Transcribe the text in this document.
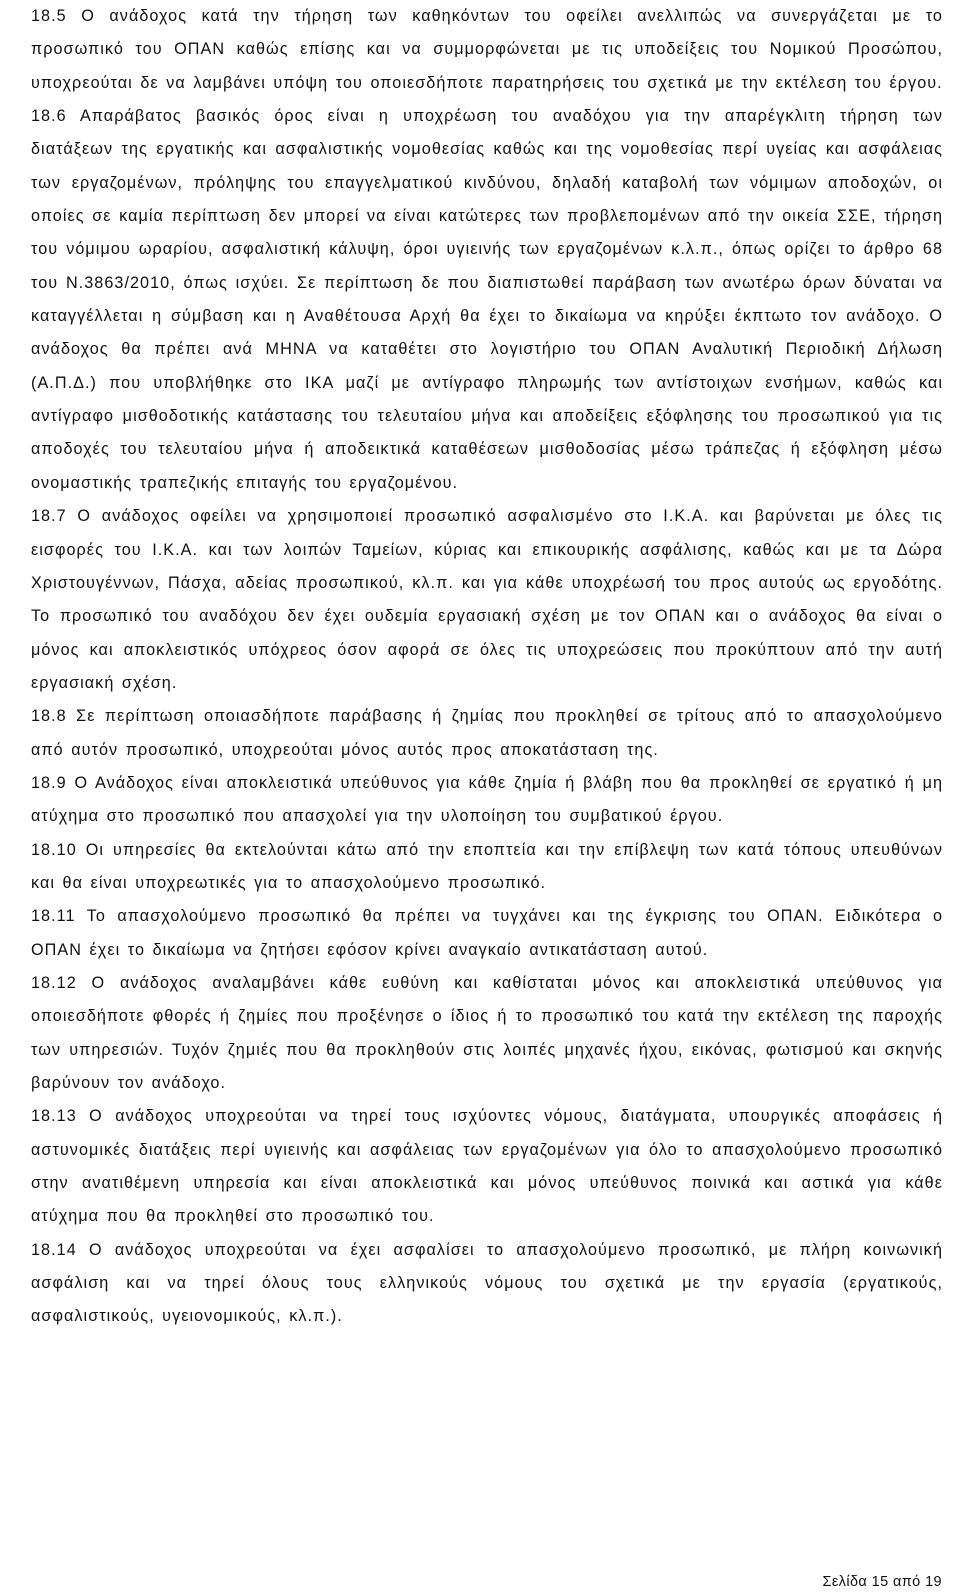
18.5 Ο ανάδοχος κατά την τήρηση των καθηκόντων του οφείλει ανελλιπώς να συνεργάζεται με το προσωπικό του ΟΠΑΝ καθώς επίσης και να συμμορφώνεται με τις υποδείξεις του Νομικού Προσώπου, υποχρεούται δε να λαμβάνει υπόψη του οποιεσδήποτε παρατηρήσεις του σχετικά με την εκτέλεση του έργου.

18.6 Απαράβατος βασικός όρος είναι η υποχρέωση του αναδόχου για την απαρέγκλιτη τήρηση των διατάξεων της εργατικής και ασφαλιστικής νομοθεσίας καθώς και της νομοθεσίας περί υγείας και ασφάλειας των εργαζομένων, πρόληψης του επαγγελματικού κινδύνου, δηλαδή καταβολή των νόμιμων αποδοχών, οι οποίες σε καμία περίπτωση δεν μπορεί να είναι κατώτερες των προβλεπομένων από την οικεία ΣΣΕ, τήρηση του νόμιμου ωραρίου, ασφαλιστική κάλυψη, όροι υγιεινής των εργαζομένων κ.λ.π., όπως ορίζει το άρθρο 68 του Ν.3863/2010, όπως ισχύει. Σε περίπτωση δε που διαπιστωθεί παράβαση των ανωτέρω όρων δύναται να καταγγέλλεται η σύμβαση και η Αναθέτουσα Αρχή θα έχει το δικαίωμα να κηρύξει έκπτωτο τον ανάδοχο. Ο ανάδοχος θα πρέπει ανά ΜΗΝΑ να καταθέτει στο λογιστήριο του ΟΠΑΝ Αναλυτική Περιοδική Δήλωση (Α.Π.Δ.) που υποβλήθηκε στο ΙΚΑ μαζί με αντίγραφο πληρωμής των αντίστοιχων ενσήμων, καθώς και αντίγραφο μισθοδοτικής κατάστασης του τελευταίου μήνα και αποδείξεις εξόφλησης του προσωπικού για τις αποδοχές του τελευταίου μήνα ή αποδεικτικά καταθέσεων μισθοδοσίας μέσω τράπεζας ή εξόφληση μέσω ονομαστικής τραπεζικής επιταγής του εργαζομένου.

18.7 Ο ανάδοχος οφείλει να χρησιμοποιεί προσωπικό ασφαλισμένο στο Ι.Κ.Α. και βαρύνεται με όλες τις εισφορές του Ι.Κ.Α. και των λοιπών Ταμείων, κύριας και επικουρικής ασφάλισης, καθώς και με τα Δώρα Χριστουγέννων, Πάσχα, αδείας προσωπικού, κλ.π. και για κάθε υποχρέωσή του προς αυτούς ως εργοδότης. Το προσωπικό του αναδόχου δεν έχει ουδεμία εργασιακή σχέση με τον ΟΠΑΝ και ο ανάδοχος θα είναι ο μόνος και αποκλειστικός υπόχρεος όσον αφορά σε όλες τις υποχρεώσεις που προκύπτουν από την αυτή εργασιακή σχέση.

18.8 Σε περίπτωση οποιασδήποτε παράβασης ή ζημίας που προκληθεί σε τρίτους από το απασχολούμενο από αυτόν προσωπικό, υποχρεούται μόνος αυτός προς αποκατάσταση της.

18.9 Ο Ανάδοχος είναι αποκλειστικά υπεύθυνος για κάθε ζημία ή βλάβη που θα προκληθεί σε εργατικό ή μη ατύχημα στο προσωπικό που απασχολεί για την υλοποίηση του συμβατικού έργου.

18.10 Οι υπηρεσίες θα εκτελούνται κάτω από την εποπτεία και την επίβλεψη των κατά τόπους υπευθύνων και θα είναι υποχρεωτικές για το απασχολούμενο προσωπικό.

18.11 Το απασχολούμενο προσωπικό θα πρέπει να τυγχάνει και της έγκρισης του ΟΠΑΝ. Ειδικότερα ο ΟΠΑΝ έχει το δικαίωμα να ζητήσει εφόσον κρίνει αναγκαίο αντικατάσταση αυτού.

18.12 Ο ανάδοχος αναλαμβάνει κάθε ευθύνη και καθίσταται μόνος και αποκλειστικά υπεύθυνος για οποιεσδήποτε φθορές ή ζημίες που προξένησε ο ίδιος ή το προσωπικό του κατά την εκτέλεση της παροχής των υπηρεσιών. Τυχόν ζημιές που θα προκληθούν στις λοιπές μηχανές ήχου, εικόνας, φωτισμού και σκηνής βαρύνουν τον ανάδοχο.

18.13 Ο ανάδοχος υποχρεούται να τηρεί τους ισχύοντες νόμους, διατάγματα, υπουργικές αποφάσεις ή αστυνομικές διατάξεις περί υγιεινής και ασφάλειας των εργαζομένων για όλο το απασχολούμενο προσωπικό στην ανατιθέμενη υπηρεσία και είναι αποκλειστικά και μόνος υπεύθυνος ποινικά και αστικά για κάθε ατύχημα που θα προκληθεί στο προσωπικό του.

18.14 Ο ανάδοχος υποχρεούται να έχει ασφαλίσει το απασχολούμενο προσωπικό, με πλήρη κοινωνική ασφάλιση και να τηρεί όλους τους ελληνικούς νόμους του σχετικά με την εργασία (εργατικούς, ασφαλιστικούς, υγειονομικούς, κλ.π.).

Σελίδα 15 από 19
